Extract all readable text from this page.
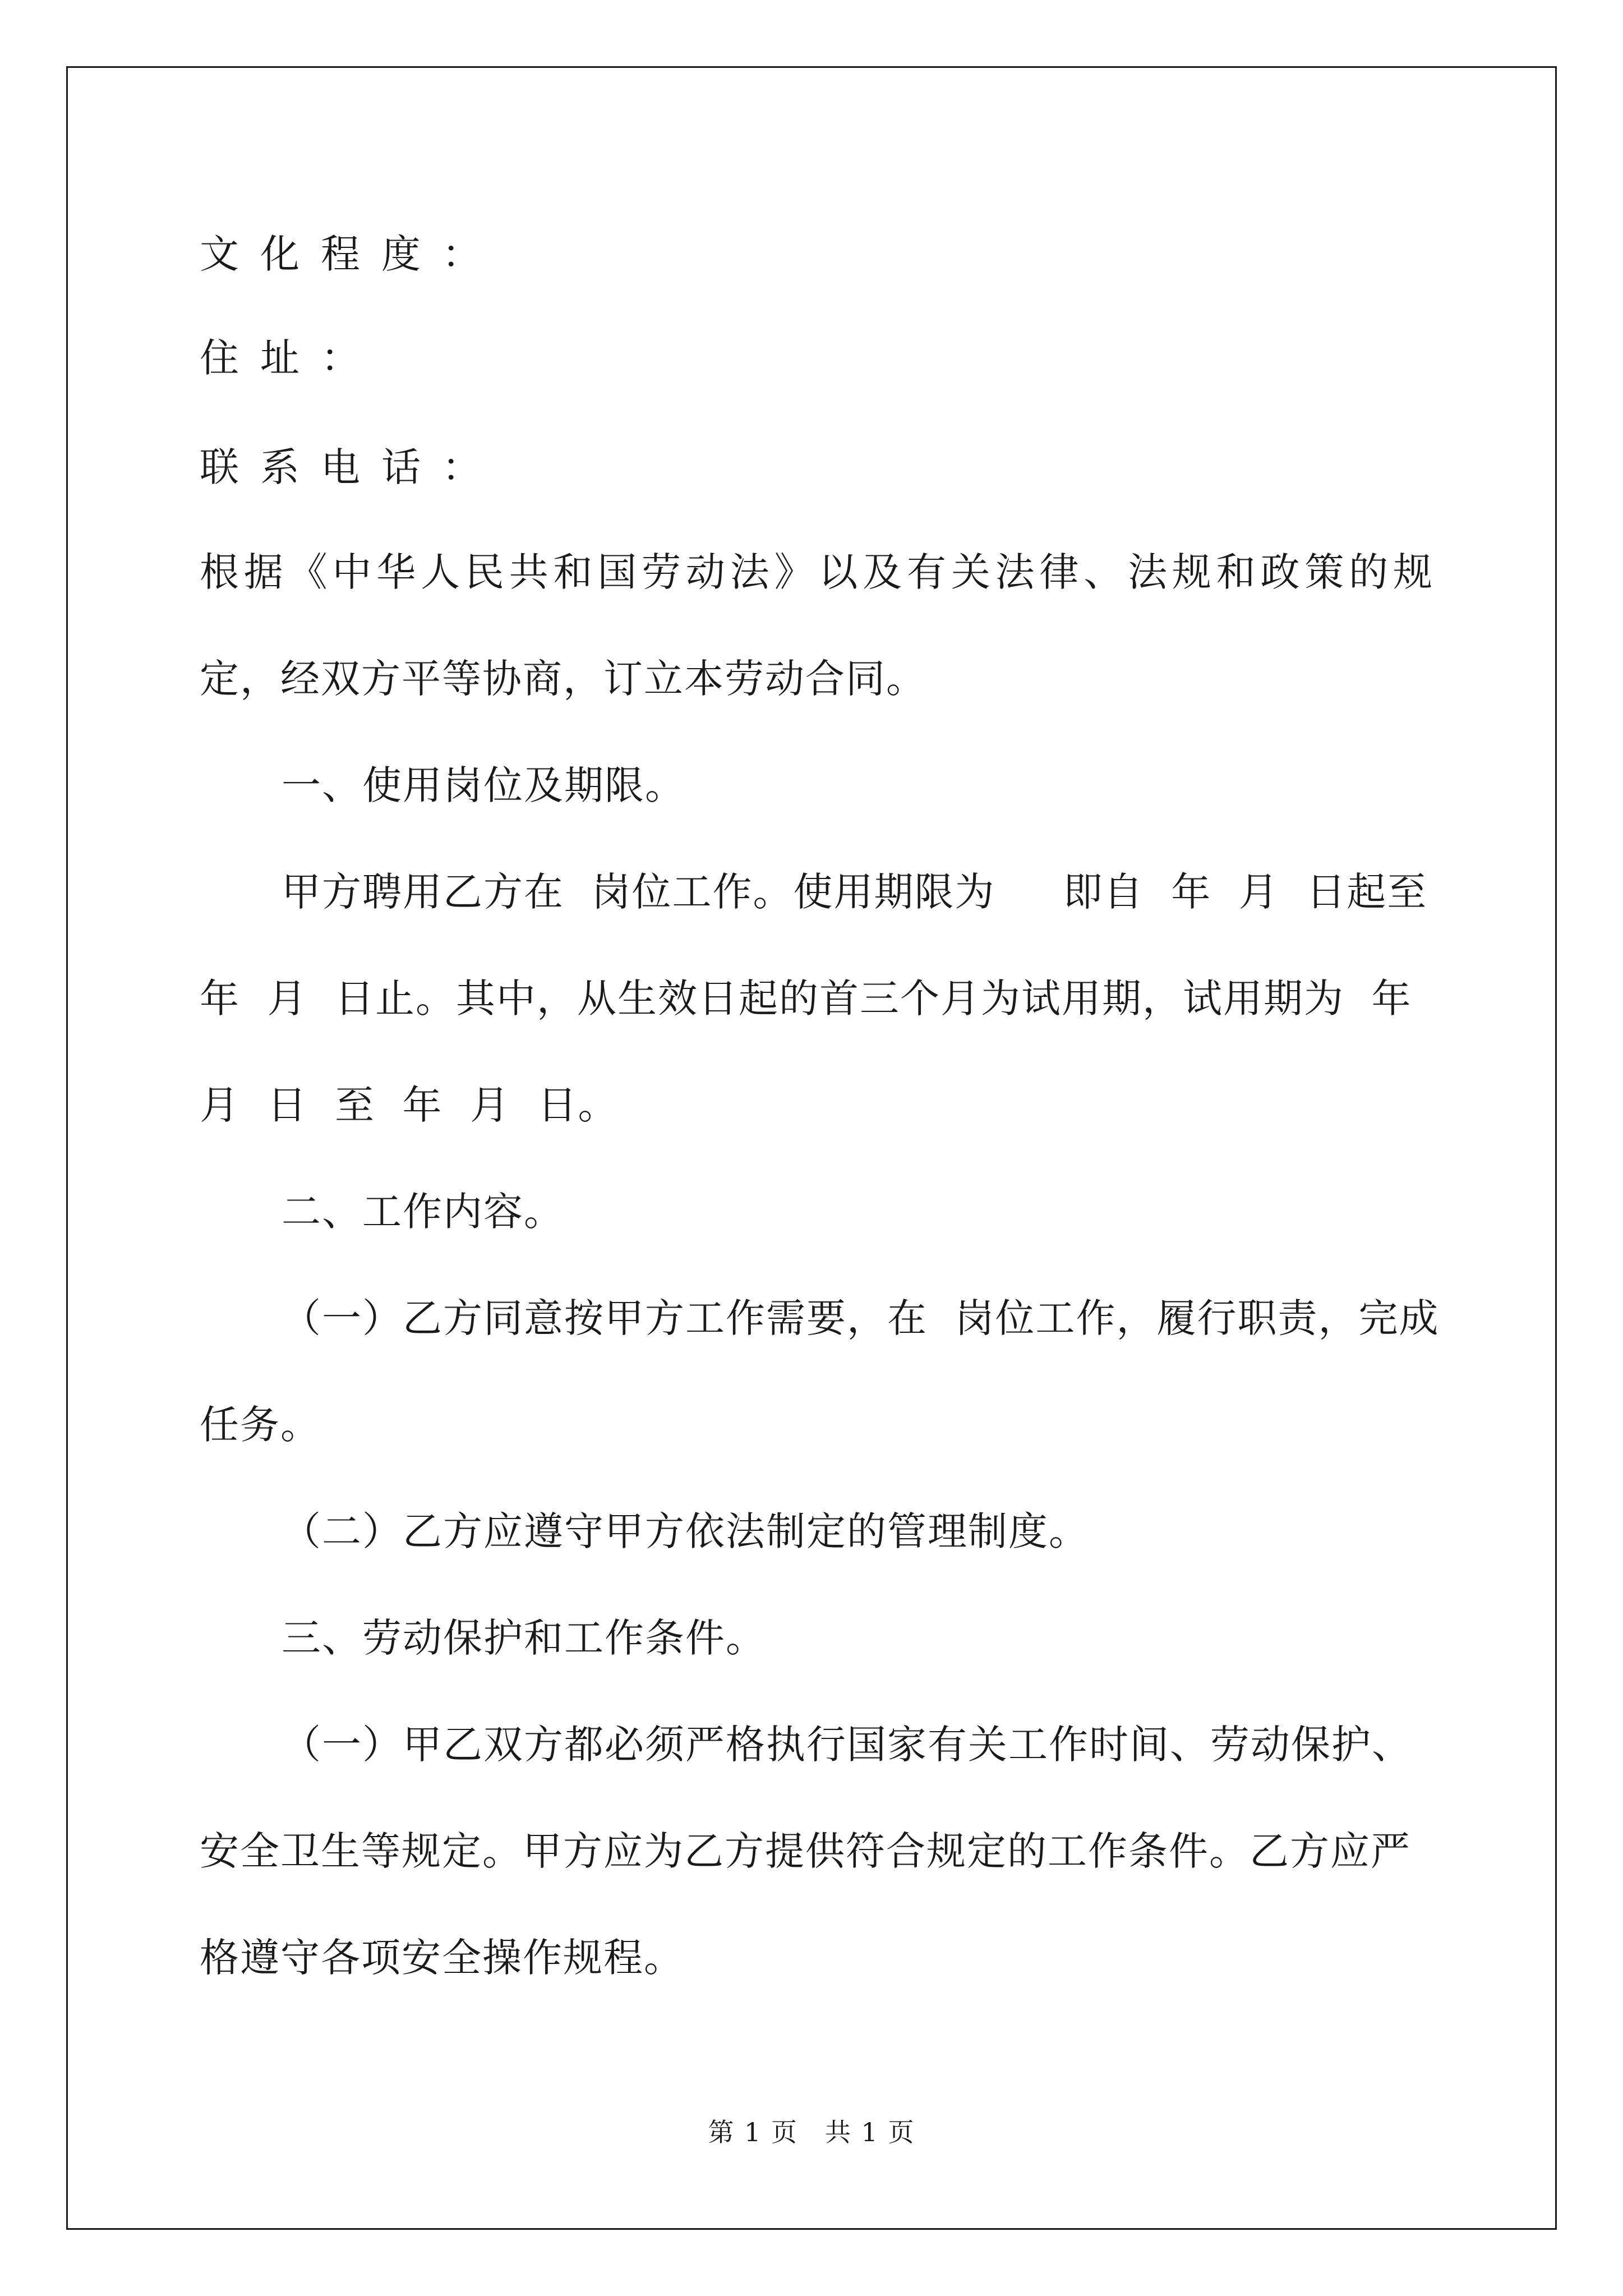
文化程度：
住址：
联系电话：
根据《中华人民共和国劳动法》以及有关法律、法规和政策的规
定，经双方平等协商，订立本劳动合同。
一、使用岗位及期限。
甲方聘用乙方在  岗位工作。使用期限为     即自  年  月  日起至
年  月  日止。其中，从生效日起的首三个月为试用期，试用期为  年
月  日  至  年  月  日。
二、工作内容。
（一）乙方同意按甲方工作需要，在  岗位工作，履行职责，完成
任务。
（二）乙方应遵守甲方依法制定的管理制度。
三、劳动保护和工作条件。
（一）甲乙双方都必须严格执行国家有关工作时间、劳动保护、
安全卫生等规定。甲方应为乙方提供符合规定的工作条件。乙方应严
格遵守各项安全操作规程。
第 1 页 共 1 页
